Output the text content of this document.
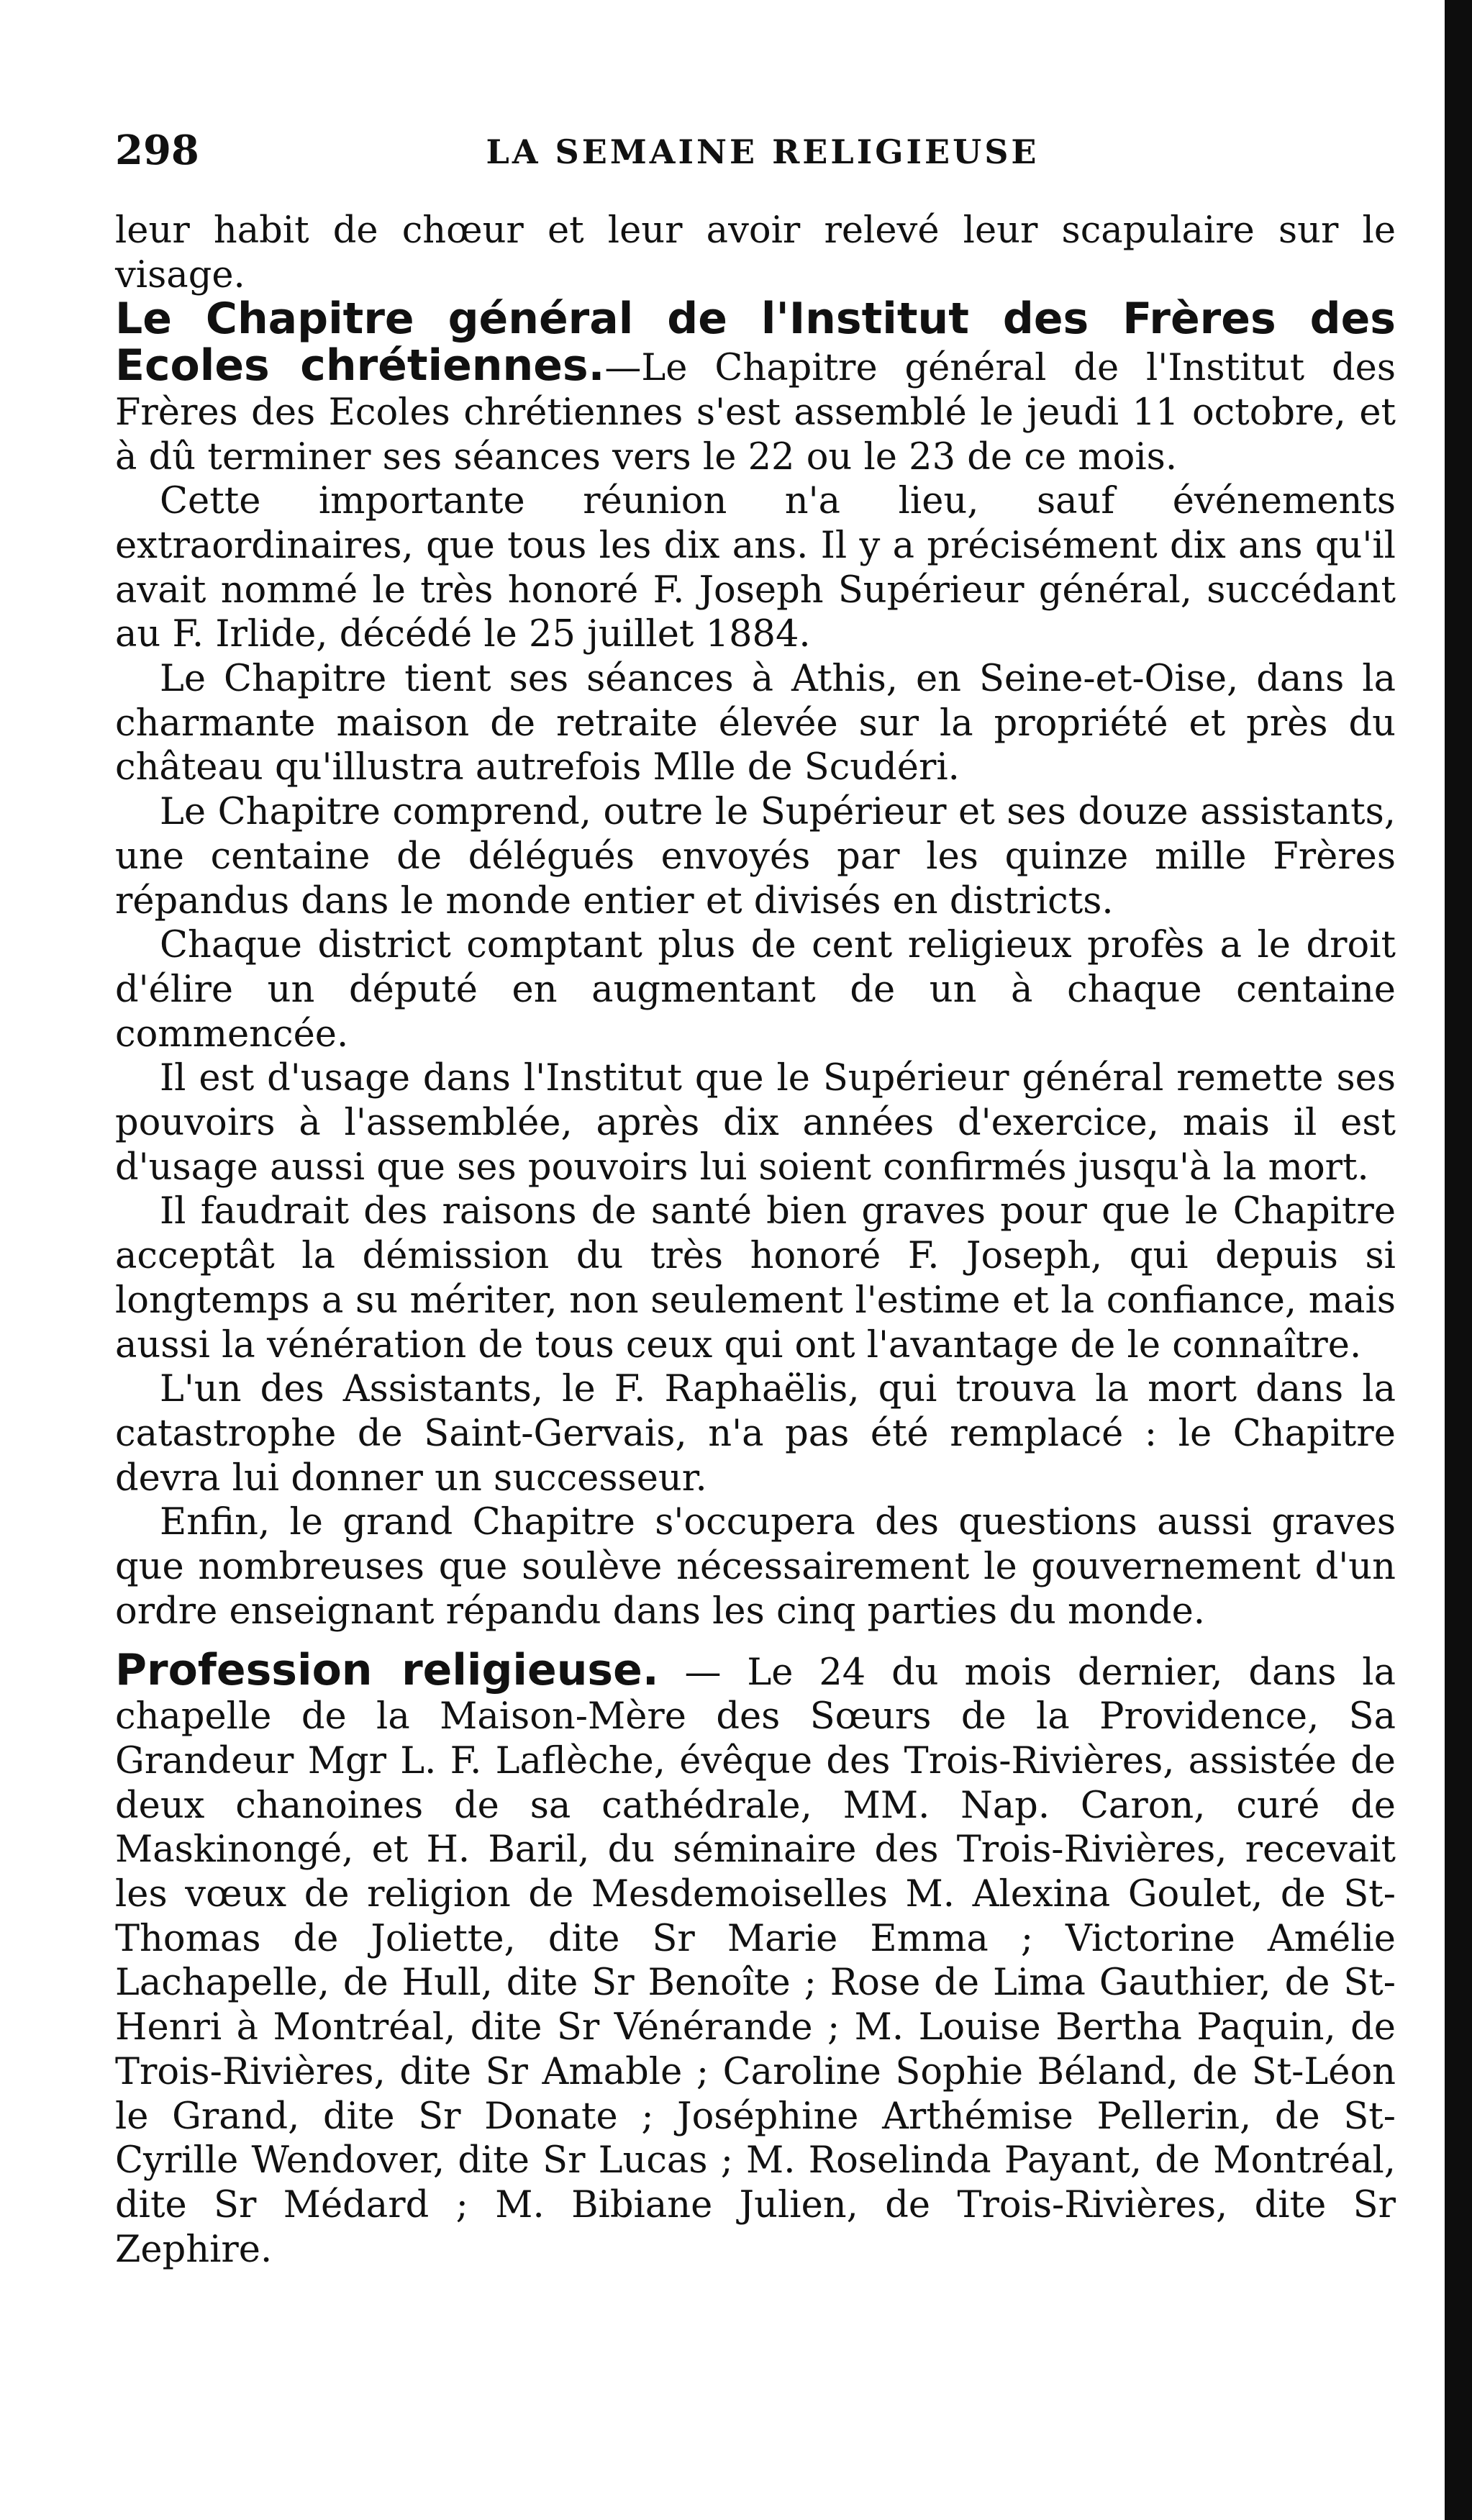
298	LA SEMAINE RELIGIEUSE

leur habit de chœur et leur avoir relevé leur scapulaire sur le visage.

Le Chapitre général de l'Institut des Frères des Ecoles chrétiennes.—Le Chapitre général de l'Institut des Frères des Ecoles chrétiennes s'est assemblé le jeudi 11 octobre, et à dû terminer ses séances vers le 22 ou le 23 de ce mois.

Cette importante réunion n'a lieu, sauf événements extraordinaires, que tous les dix ans. Il y a précisément dix ans qu'il avait nommé le très honoré F. Joseph Supérieur général, succédant au F. Irlide, décédé le 25 juillet 1884.

Le Chapitre tient ses séances à Athis, en Seine-et-Oise, dans la charmante maison de retraite élevée sur la propriété et près du château qu'illustra autrefois Mlle de Scudéri.

Le Chapitre comprend, outre le Supérieur et ses douze assistants, une centaine de délégués envoyés par les quinze mille Frères répandus dans le monde entier et divisés en districts.

Chaque district comptant plus de cent religieux profès a le droit d'élire un député en augmentant de un à chaque centaine commencée.

Il est d'usage dans l'Institut que le Supérieur général remette ses pouvoirs à l'assemblée, après dix années d'exercice, mais il est d'usage aussi que ses pouvoirs lui soient confirmés jusqu'à la mort.

Il faudrait des raisons de santé bien graves pour que le Chapitre acceptât la démission du très honoré F. Joseph, qui depuis si longtemps a su mériter, non seulement l'estime et la confiance, mais aussi la vénération de tous ceux qui ont l'avantage de le connaître.

L'un des Assistants, le F. Raphaëlis, qui trouva la mort dans la catastrophe de Saint-Gervais, n'a pas été remplacé : le Chapitre devra lui donner un successeur.

Enfin, le grand Chapitre s'occupera des questions aussi graves que nombreuses que soulève nécessairement le gouvernement d'un ordre enseignant répandu dans les cinq parties du monde.

Profession religieuse. — Le 24 du mois dernier, dans la chapelle de la Maison-Mère des Sœurs de la Providence, Sa Grandeur Mgr L. F. Laflèche, évêque des Trois-Rivières, assistée de deux chanoines de sa cathédrale, MM. Nap. Caron, curé de Maskinongé, et H. Baril, du séminaire des Trois-Rivières, recevait les vœux de religion de Mesdemoiselles M. Alexina Goulet, de St-Thomas de Joliette, dite Sr Marie Emma ; Victorine Amélie Lachapelle, de Hull, dite Sr Benoîte ; Rose de Lima Gauthier, de St-Henri à Montréal, dite Sr Vénérande ; M. Louise Bertha Paquin, de Trois-Rivières, dite Sr Amable ; Caroline Sophie Béland, de St-Léon le Grand, dite Sr Donate ; Joséphine Arthémise Pellerin, de St-Cyrille Wendover, dite Sr Lucas ; M. Roselinda Payant, de Montréal, dite Sr Médard ; M. Bibiane Julien, de Trois-Rivières, dite Sr Zephire.
